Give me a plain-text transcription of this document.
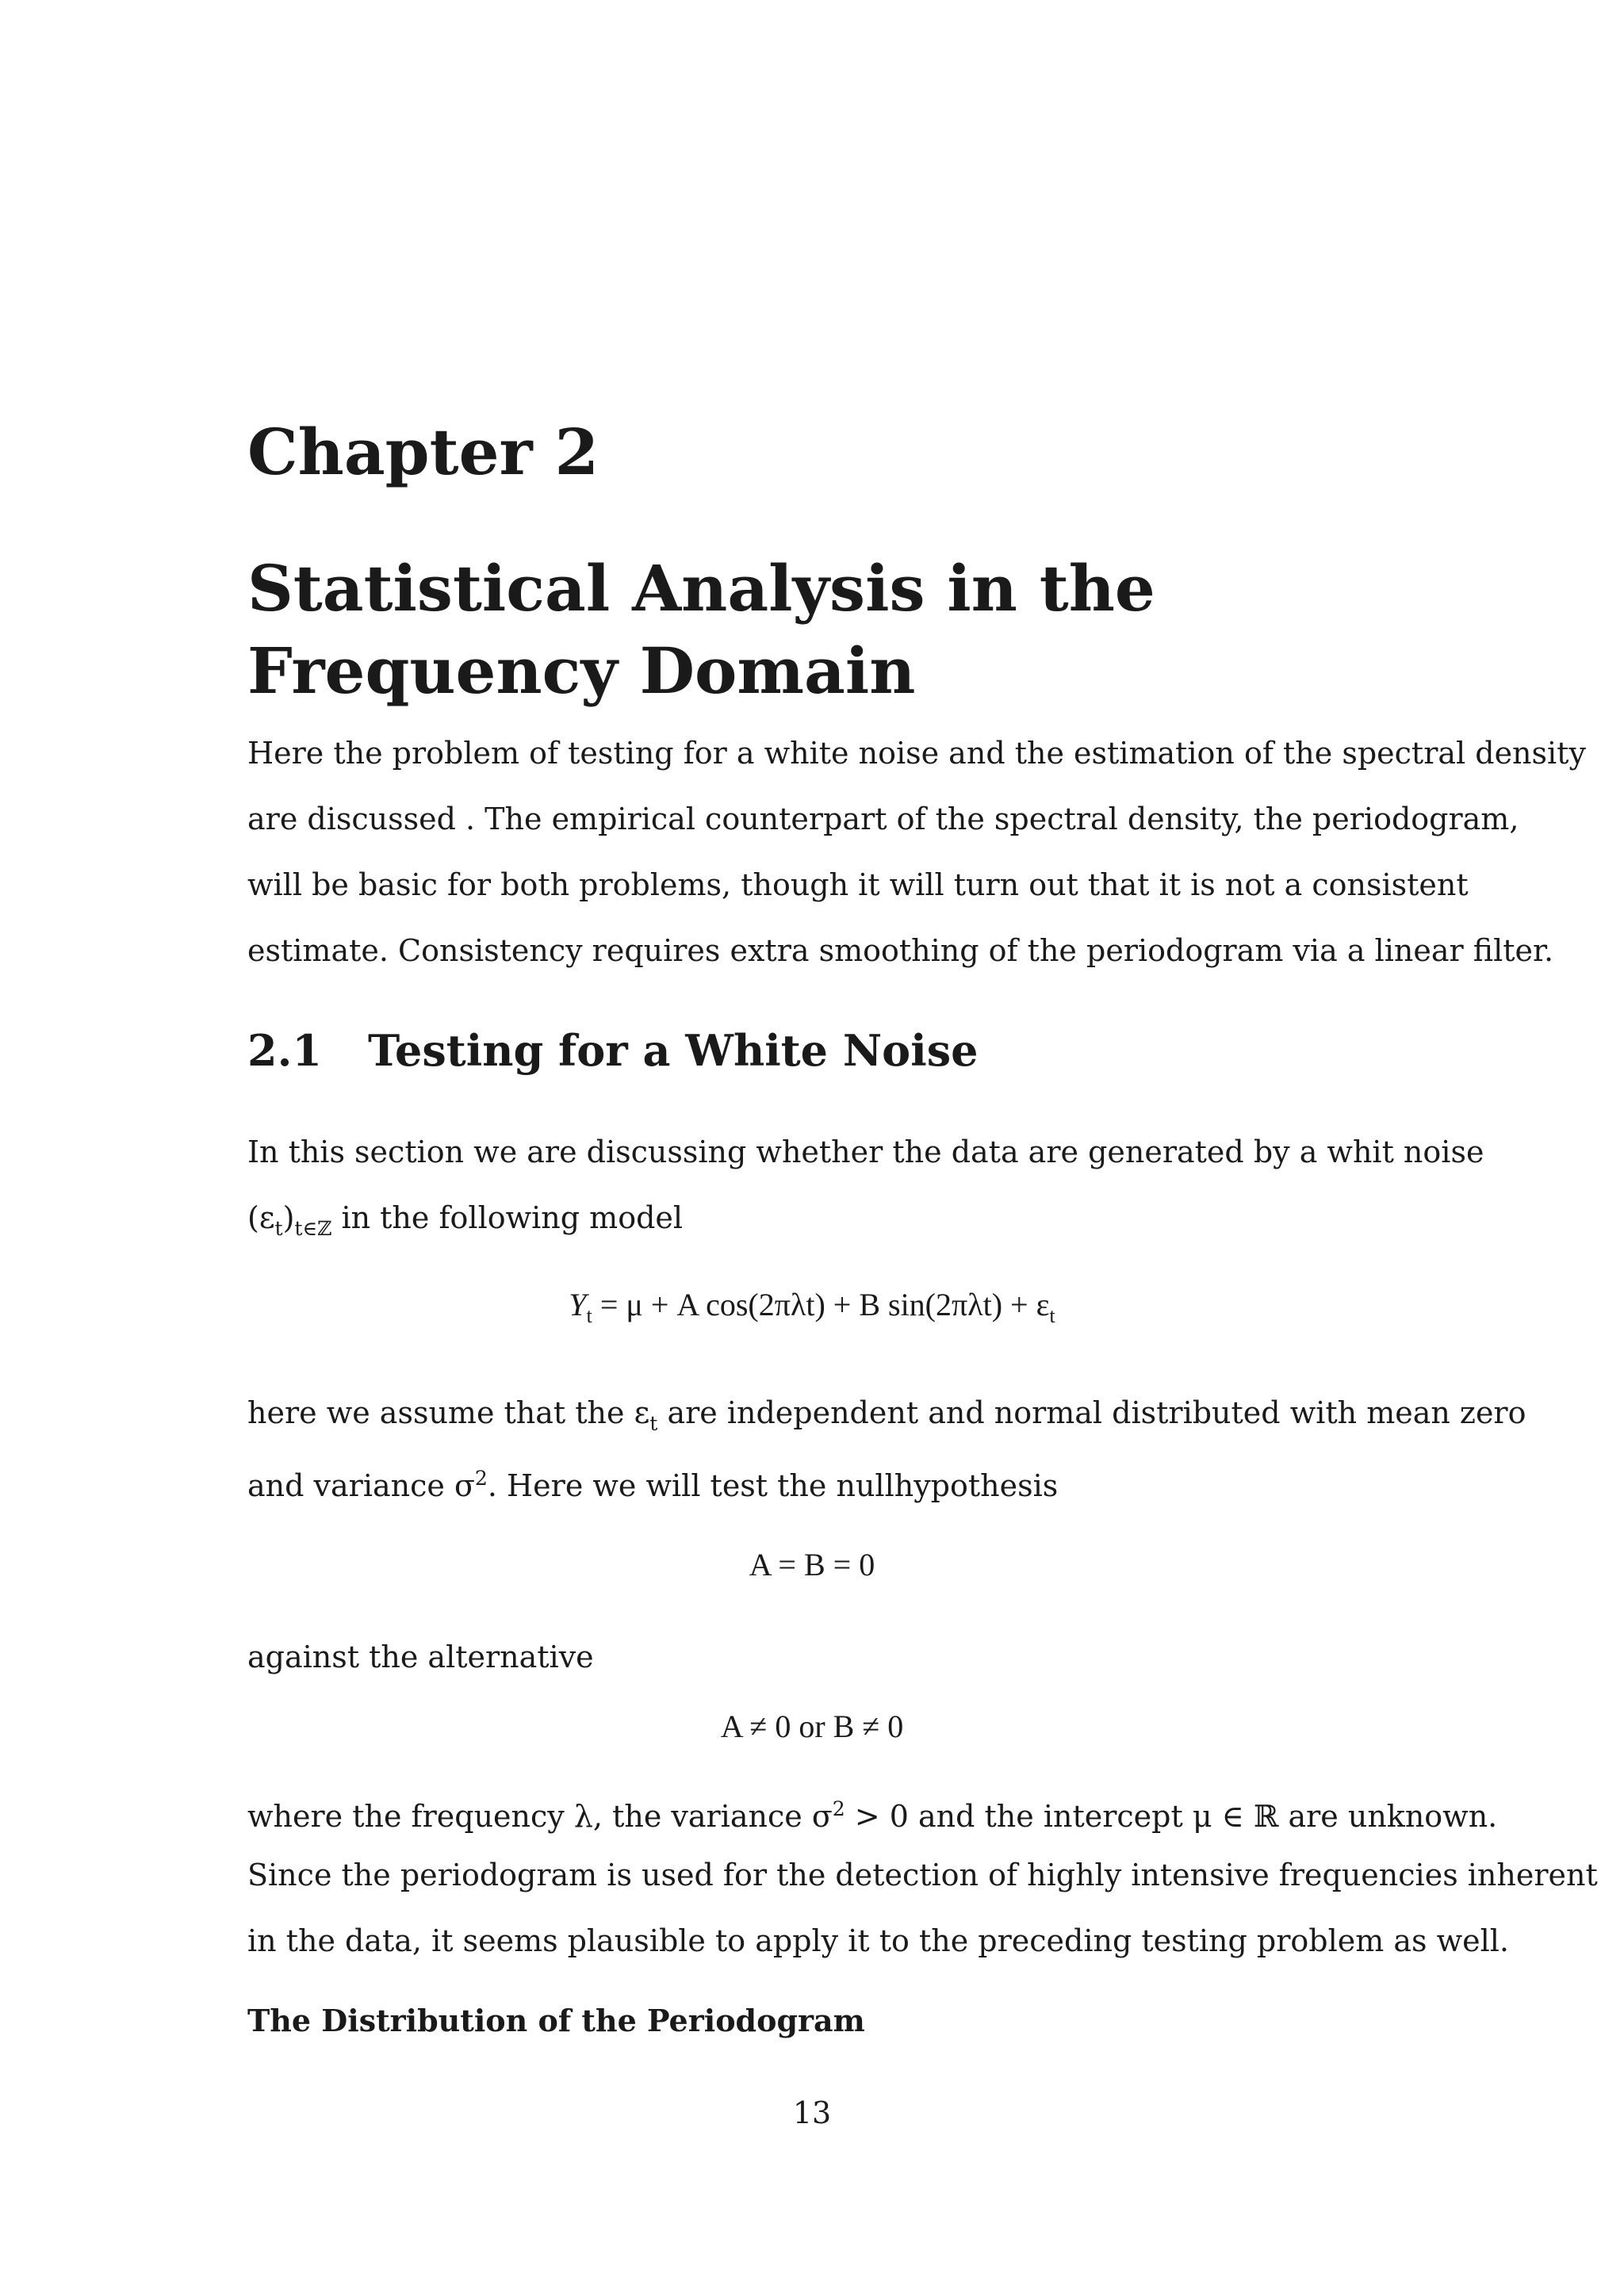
Chapter 2
Statistical Analysis in the Frequency Domain
Here the problem of testing for a white noise and the estimation of the spectral density
are discussed . The empirical counterpart of the spectral density, the periodogram,
will be basic for both problems, though it will turn out that it is not a consistent
estimate. Consistency requires extra smoothing of the periodogram via a linear filter.
2.1 Testing for a White Noise
In this section we are discussing whether the data are generated by a whit noise
$(\varepsilon_t)_{t\in ℤ}$ in the following model
$Y_t = \mu + A$ cos(2πλt) + B $\sin(2\pi\lambda t) + \varepsilon_t$
here we assume that the $\varepsilon_t$ are independent and normal distributed with mean zero
and variance $\sigma^2$. Here we will test the nullhypothesis
A = B = 0
against the alternative
A ≠ 0 or B ≠ 0
where the frequency λ, the variance $\sigma^2 > 0$ and the intercept μ ∈ ℝ are unknown.
Since the periodogram is used for the detection of highly intensive frequencies inherent
in the data, it seems plausible to apply it to the preceding testing problem as well.
The Distribution of the Periodogram
13
